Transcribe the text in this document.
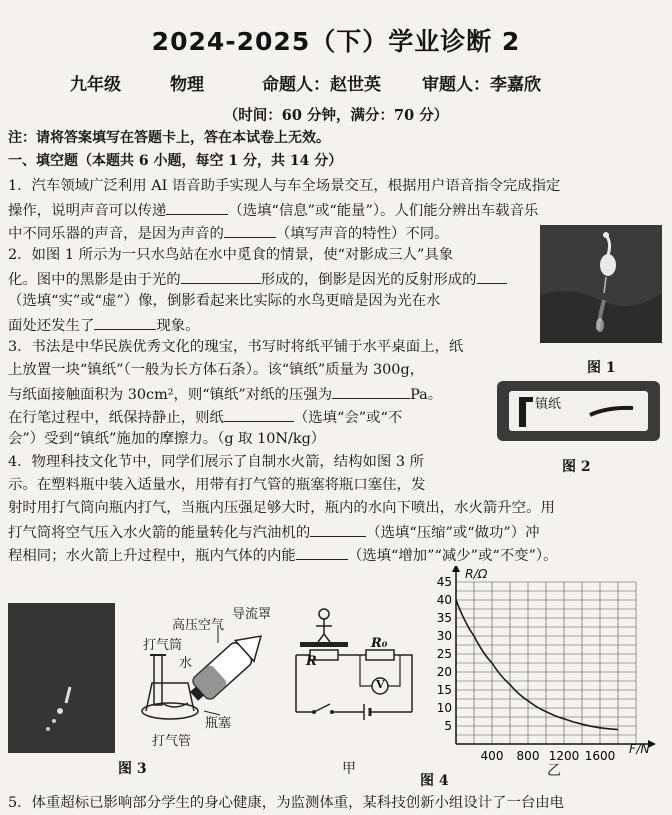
2024-2025（下）学业诊断 2
九年级	物理	命题人：赵世英 审题人：李嘉欣
（时间：60 分钟，满分：70 分）
注：请将答案填写在答题卡上，答在本试卷上无效。
一、填空题（本题共 6 小题，每空 1 分，共 14 分）
1．汽车领域广泛利用 AI 语音助手实现人与车全场景交互，根据用户语音指令完成指定
操作，说明声音可以传递	（选填“信息”或“能量”）。人们能分辨出车载音乐
中不同乐器的声音，是因为声音的	（填写声音的特性）不同。
2．如图 1 所示为一只水鸟站在水中觅食的情景，使“对影成三人”具象
化。图中的黑影是由于光的	形成的，倒影是因光的反射形成的
（选填“实”或“虚”）像，倒影看起来比实际的水鸟更暗是因为光在水
面处还发生了	现象。
3．书法是中华民族优秀文化的瑰宝，书写时将纸平铺于水平桌面上，纸
上放置一块“镇纸”（一般为长方体石条）。该“镇纸”质量为 300g，
与纸面接触面积为 30cm²，则“镇纸”对纸的压强为	Pa。
在行笔过程中，纸保持静止，则纸	（选填“会”或“不
会”）受到“镇纸”施加的摩擦力。（g 取 10N/kg）
4．物理科技文化节中，同学们展示了自制水火箭，结构如图 3 所
示。在塑料瓶中装入适量水，用带有打气管的瓶塞将瓶口塞住，发
射时用打气筒向瓶内打气，当瓶内压强足够大时，瓶内的水向下喷出，水火箭升空。用
打气筒将空气压入水火箭的能量转化与汽油机的	（选填“压缩”或“做功”）冲
程相同；水火箭上升过程中，瓶内气体的内能	（选填“增加”“减少”或“不变”）。
5．体重超标已影响部分学生的身心健康，为监测体重，某科技创新小组设计了一台由电
图 1
镇纸
图 2
高压空气
导流罩
打气筒
水
打气管
瓶塞
图 3
R
R₀
V
甲
图 4
5
10
15
20
25
30
35
40
45
400 800 1200 1600
R/Ω
F/N
乙
